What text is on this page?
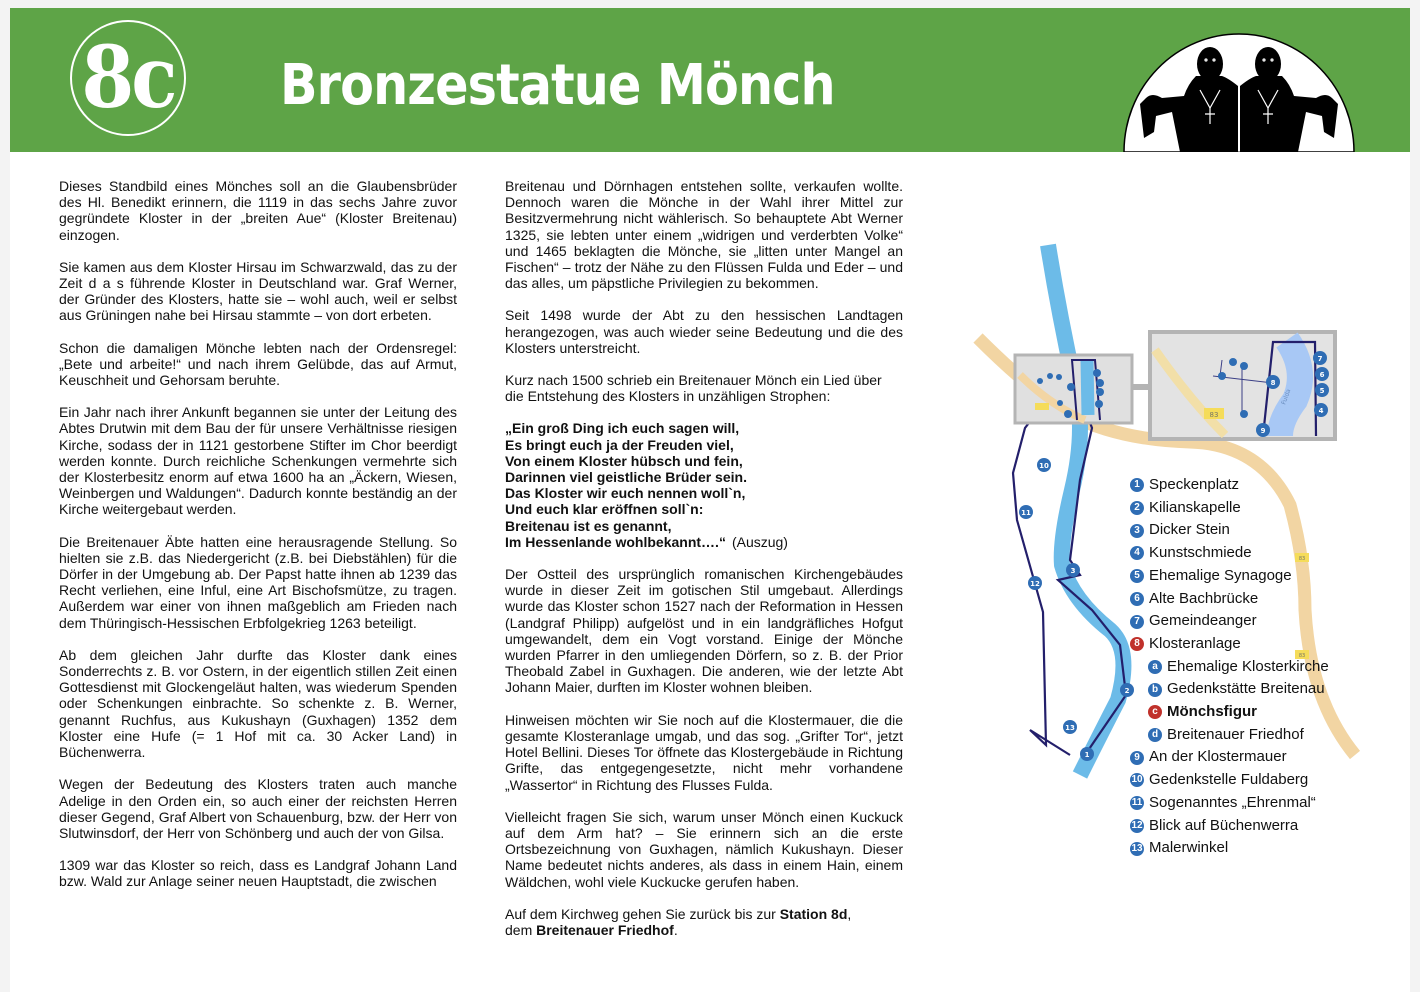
8c Bronzestatue Mönch

Dieses Standbild eines Mönches soll an die Glaubensbrüder des Hl. Benedikt erinnern, die 1119 in das sechs Jahre zuvor gegründete Kloster in der „breiten Aue“ (Kloster Breitenau) einzogen.

Sie kamen aus dem Kloster Hirsau im Schwarzwald, das zu der Zeit d a s führende Kloster in Deutschland war. Graf Werner, der Gründer des Klosters, hatte sie – wohl auch, weil er selbst aus Grüningen nahe bei Hirsau stammte – von dort erbeten.

Schon die damaligen Mönche lebten nach der Ordensregel: „Bete und arbeite!“ und nach ihrem Gelübde, das auf Armut, Keuschheit und Gehorsam beruhte.

Ein Jahr nach ihrer Ankunft begannen sie unter der Leitung des Abtes Drutwin mit dem Bau der für unsere Verhältnisse riesigen Kirche, sodass der in 1121 gestorbene Stifter im Chor beerdigt werden konnte. Durch reichliche Schenkungen vermehrte sich der Klosterbesitz enorm auf etwa 1600 ha an „Äckern, Wiesen, Weinbergen und Waldungen“. Dadurch konnte beständig an der Kirche weitergebaut werden.

Die Breitenauer Äbte hatten eine herausragende Stellung. So hielten sie z.B. das Niedergericht (z.B. bei Diebstählen) für die Dörfer in der Umgebung ab. Der Papst hatte ihnen ab 1239 das Recht verliehen, eine Inful, eine Art Bischofsmütze, zu tragen. Außerdem war einer von ihnen maßgeblich am Frieden nach dem Thüringisch-Hessischen Erbfolgekrieg 1263 beteiligt.

Ab dem gleichen Jahr durfte das Kloster dank eines Sonderrechts z. B. vor Ostern, in der eigentlich stillen Zeit einen Gottesdienst mit Glockengeläut halten, was wiederum Spenden oder Schenkungen einbrachte. So schenkte z. B. Werner, genannt Ruchfus, aus Kukushayn (Guxhagen) 1352 dem Kloster eine Hufe (= 1 Hof mit ca. 30 Acker Land) in Büchenwerra.

Wegen der Bedeutung des Klosters traten auch manche Adelige in den Orden ein, so auch einer der reichsten Herren dieser Gegend, Graf Albert von Schauenburg, bzw. der Herr von Slutwinsdorf, der Herr von Schönberg und auch der von Gilsa.

1309 war das Kloster so reich, dass es Landgraf Johann Land bzw. Wald zur Anlage seiner neuen Hauptstadt, die zwischen

Breitenau und Dörnhagen entstehen sollte, verkaufen wollte. Dennoch waren die Mönche in der Wahl ihrer Mittel zur Besitzvermehrung nicht wählerisch. So behauptete Abt Werner 1325, sie lebten unter einem „widrigen und verderbten Volke“ und 1465 beklagten die Mönche, sie „litten unter Mangel an Fischen“ – trotz der Nähe zu den Flüssen Fulda und Eder – und das alles, um päpstliche Privilegien zu bekommen.

Seit 1498 wurde der Abt zu den hessischen Landtagen herangezogen, was auch wieder seine Bedeutung und die des Klosters unterstreicht.

Kurz nach 1500 schrieb ein Breitenauer Mönch ein Lied über die Entstehung des Klosters in unzähligen Strophen:

„Ein groß Ding ich euch sagen will,
Es bringt euch ja der Freuden viel,
Von einem Kloster hübsch und fein,
Darinnen viel geistliche Brüder sein.
Das Kloster wir euch nennen woll`n,
Und euch klar eröffnen soll`n:
Breitenau ist es genannt,
Im Hessenlande wohlbekannt….“ (Auszug)

Der Ostteil des ursprünglich romanischen Kirchengebäudes wurde in dieser Zeit im gotischen Stil umgebaut. Allerdings wurde das Kloster schon 1527 nach der Reformation in Hessen (Landgraf Philipp) aufgelöst und in ein landgräfliches Hofgut umgewandelt, dem ein Vogt vorstand. Einige der Mönche wurden Pfarrer in den umliegenden Dörfern, so z. B. der Prior Theobald Zabel in Guxhagen. Die anderen, wie der letzte Abt Johann Maier, durften im Kloster wohnen bleiben.

Hinweisen möchten wir Sie noch auf die Klostermauer, die die gesamte Klosteranlage umgab, und das sog. „Grifter Tor“, jetzt Hotel Bellini. Dieses Tor öffnete das Klostergebäude in Richtung Grifte, das entgegengesetzte, nicht mehr vorhandene „Wassertor“ in Richtung des Flusses Fulda.

Vielleicht fragen Sie sich, warum unser Mönch einen Kuckuck auf dem Arm hat? – Sie erinnern sich an die erste Ortsbezeichnung von Guxhagen, nämlich Kukushayn. Dieser Name bedeutet nichts anderes, als dass in einem Hain, einem Wäldchen, wohl viele Kuckucke gerufen haben.

Auf dem Kirchweg gehen Sie zurück bis zur Station 8d,
dem Breitenauer Friedhof.

83
83
1
2
3
10
11
12
13
83
Fulda
7
6
5
4
8
9
1 Speckenplatz
2 Kilianskapelle
3 Dicker Stein
4 Kunstschmiede
5 Ehemalige Synagoge
6 Alte Bachbrücke
7 Gemeindeanger
8 Klosteranlage
a Ehemalige Klosterkirche
b Gedenkstätte Breitenau
c Mönchsfigur
d Breitenauer Friedhof
9 An der Klostermauer
10 Gedenkstelle Fuldaberg
11 Sogenanntes „Ehrenmal“
12 Blick auf Büchenwerra
13 Malerwinkel
